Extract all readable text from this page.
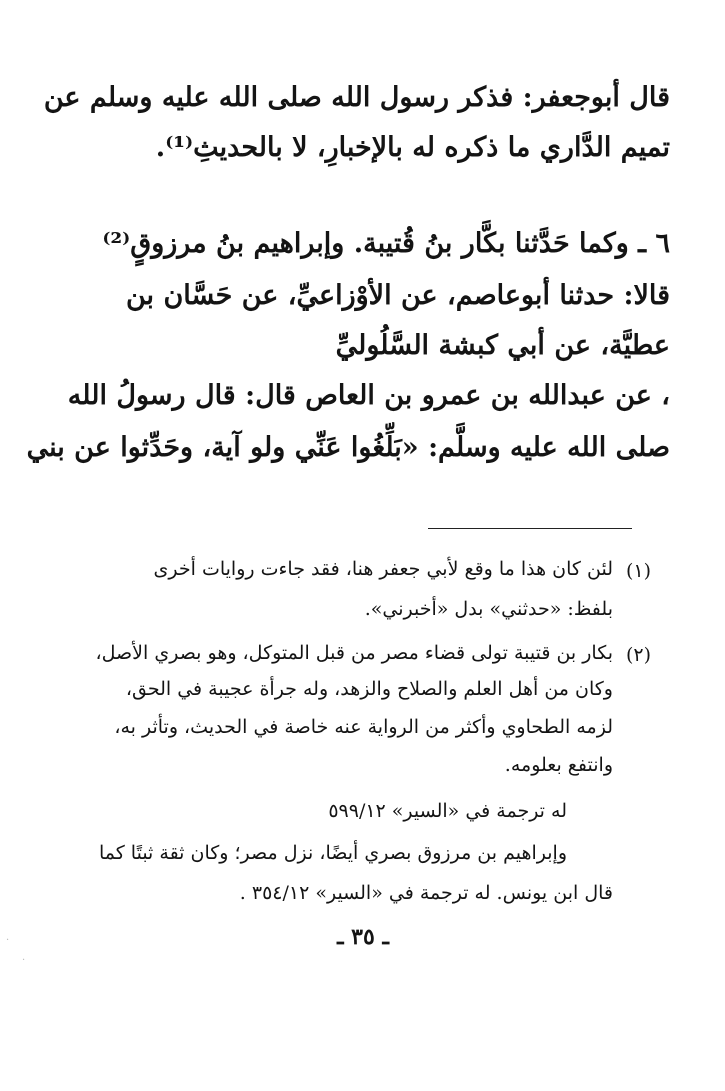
قال أبوجعفر: فذكر رسول الله صلى الله عليه وسلم عن
تميم الدَّاري ما ذكره له بالإخبارِ، لا بالحديثِ⁽¹⁾.
٦ ـ وكما حَدَّثنا بكَّار بنُ قُتيبة. وإبراهيم بنُ مرزوقٍ⁽²⁾
قالا: حدثنا أبوعاصم، عن الأوْزاعيِّ، عن حَسَّان بن
عطيَّة، عن أبي كبشة السَّلُوليِّ
، عن عبدالله بن عمرو بن العاص قال: قال رسولُ الله
صلى الله عليه وسلَّم: «بَلِّغُوا عَنِّي ولو آية، وحَدِّثوا عن بني
(١)
لئن كان هذا ما وقع لأبي جعفر هنا، فقد جاءت روايات أخرى
بلفظ: «حدثني» بدل «أخبرني».
(٢)
بكار بن قتيبة تولى قضاء مصر من قبل المتوكل، وهو بصري الأصل،
وكان من أهل العلم والصلاح والزهد، وله جرأة عجيبة في الحق،
لزمه الطحاوي وأكثر من الرواية عنه خاصة في الحديث، وتأثر به،
وانتفع بعلومه.
له ترجمة في «السير» ٥٩٩/١٢
وإبراهيم بن مرزوق بصري أيضًا، نزل مصر؛ وكان ثقة ثبتًا كما
قال ابن يونس. له ترجمة في «السير» ٣٥٤/١٢ .
ـ ٣٥ ـ
·
·
